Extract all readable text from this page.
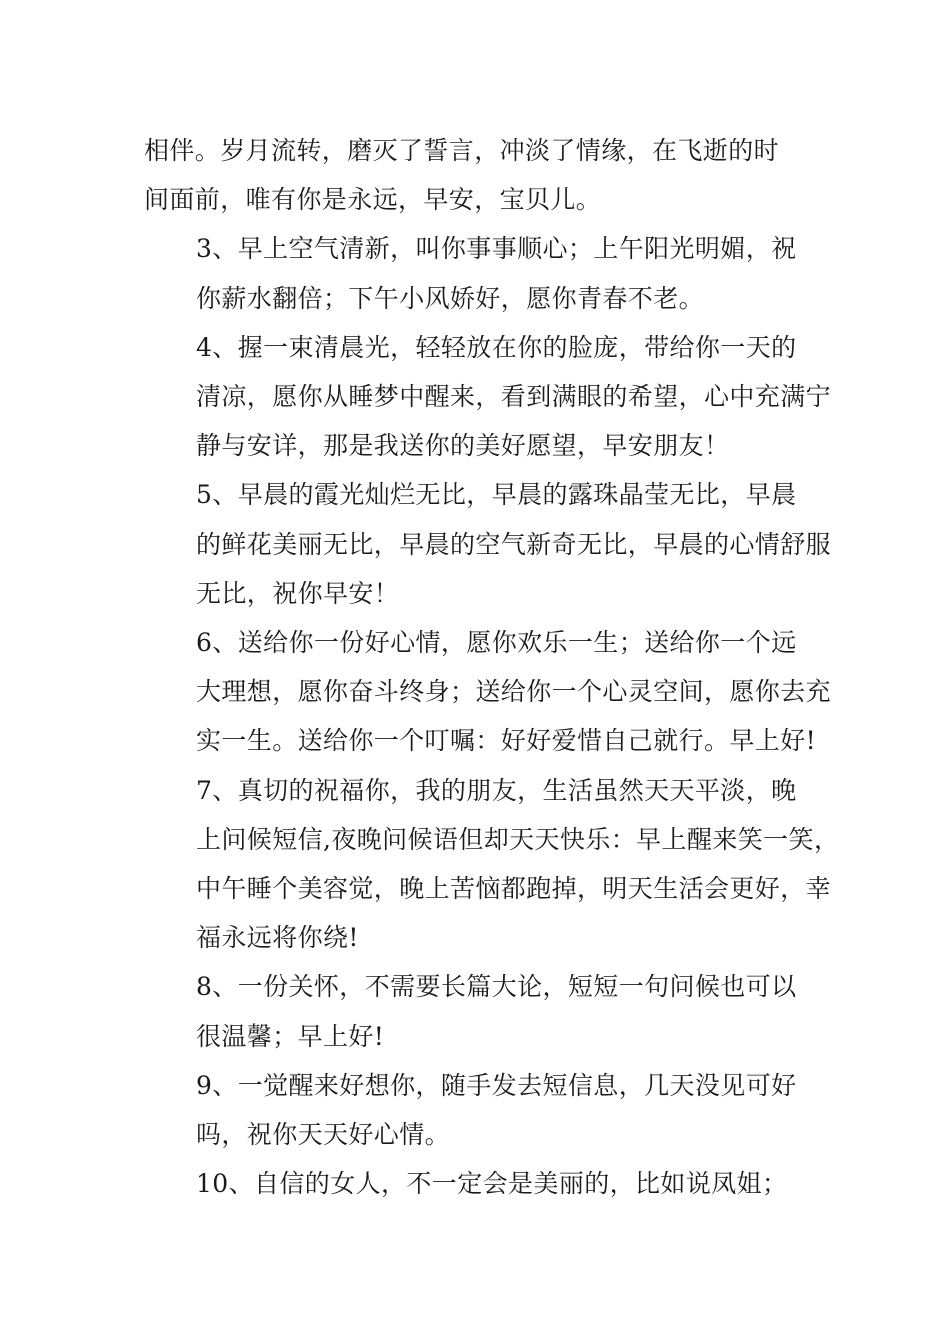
相伴。岁月流转，磨灭了誓言，冲淡了情缘，在飞逝的时
间面前，唯有你是永远，早安，宝贝儿。

3、早上空气清新，叫你事事顺心；上午阳光明媚，祝
你薪水翻倍；下午小风娇好，愿你青春不老。

4、握一束清晨光，轻轻放在你的脸庞，带给你一天的
清凉，愿你从睡梦中醒来，看到满眼的希望，心中充满宁
静与安详，那是我送你的美好愿望，早安朋友！

5、早晨的霞光灿烂无比，早晨的露珠晶莹无比，早晨
的鲜花美丽无比，早晨的空气新奇无比，早晨的心情舒服
无比，祝你早安！

6、送给你一份好心情，愿你欢乐一生；送给你一个远
大理想，愿你奋斗终身；送给你一个心灵空间，愿你去充
实一生。送给你一个叮嘱：好好爱惜自己就行。早上好!

7、真切的祝福你，我的朋友，生活虽然天天平淡，晚
上问候短信,夜晚问候语但却天天快乐：早上醒来笑一笑，
中午睡个美容觉，晚上苦恼都跑掉，明天生活会更好，幸
福永远将你绕!

8、一份关怀，不需要长篇大论，短短一句问候也可以
很温馨；早上好!

9、一觉醒来好想你，随手发去短信息，几天没见可好
吗，祝你天天好心情。

10、自信的女人，不一定会是美丽的，比如说凤姐；
